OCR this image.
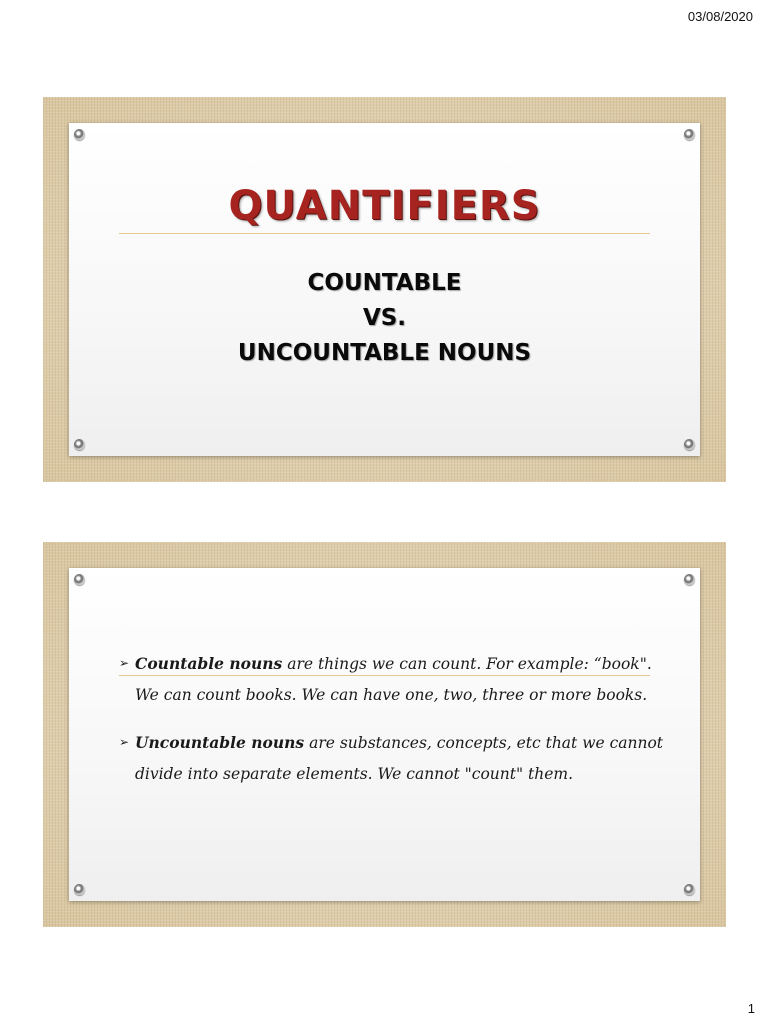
03/08/2020
QUANTIFIERS
COUNTABLE
VS.
UNCOUNTABLE NOUNS
➢ Countable nouns are things we can count. For example: “book". We can count books. We can have one, two, three or more books.
➢ Uncountable nouns are substances, concepts, etc that we cannot divide into separate elements. We cannot "count" them.
1
